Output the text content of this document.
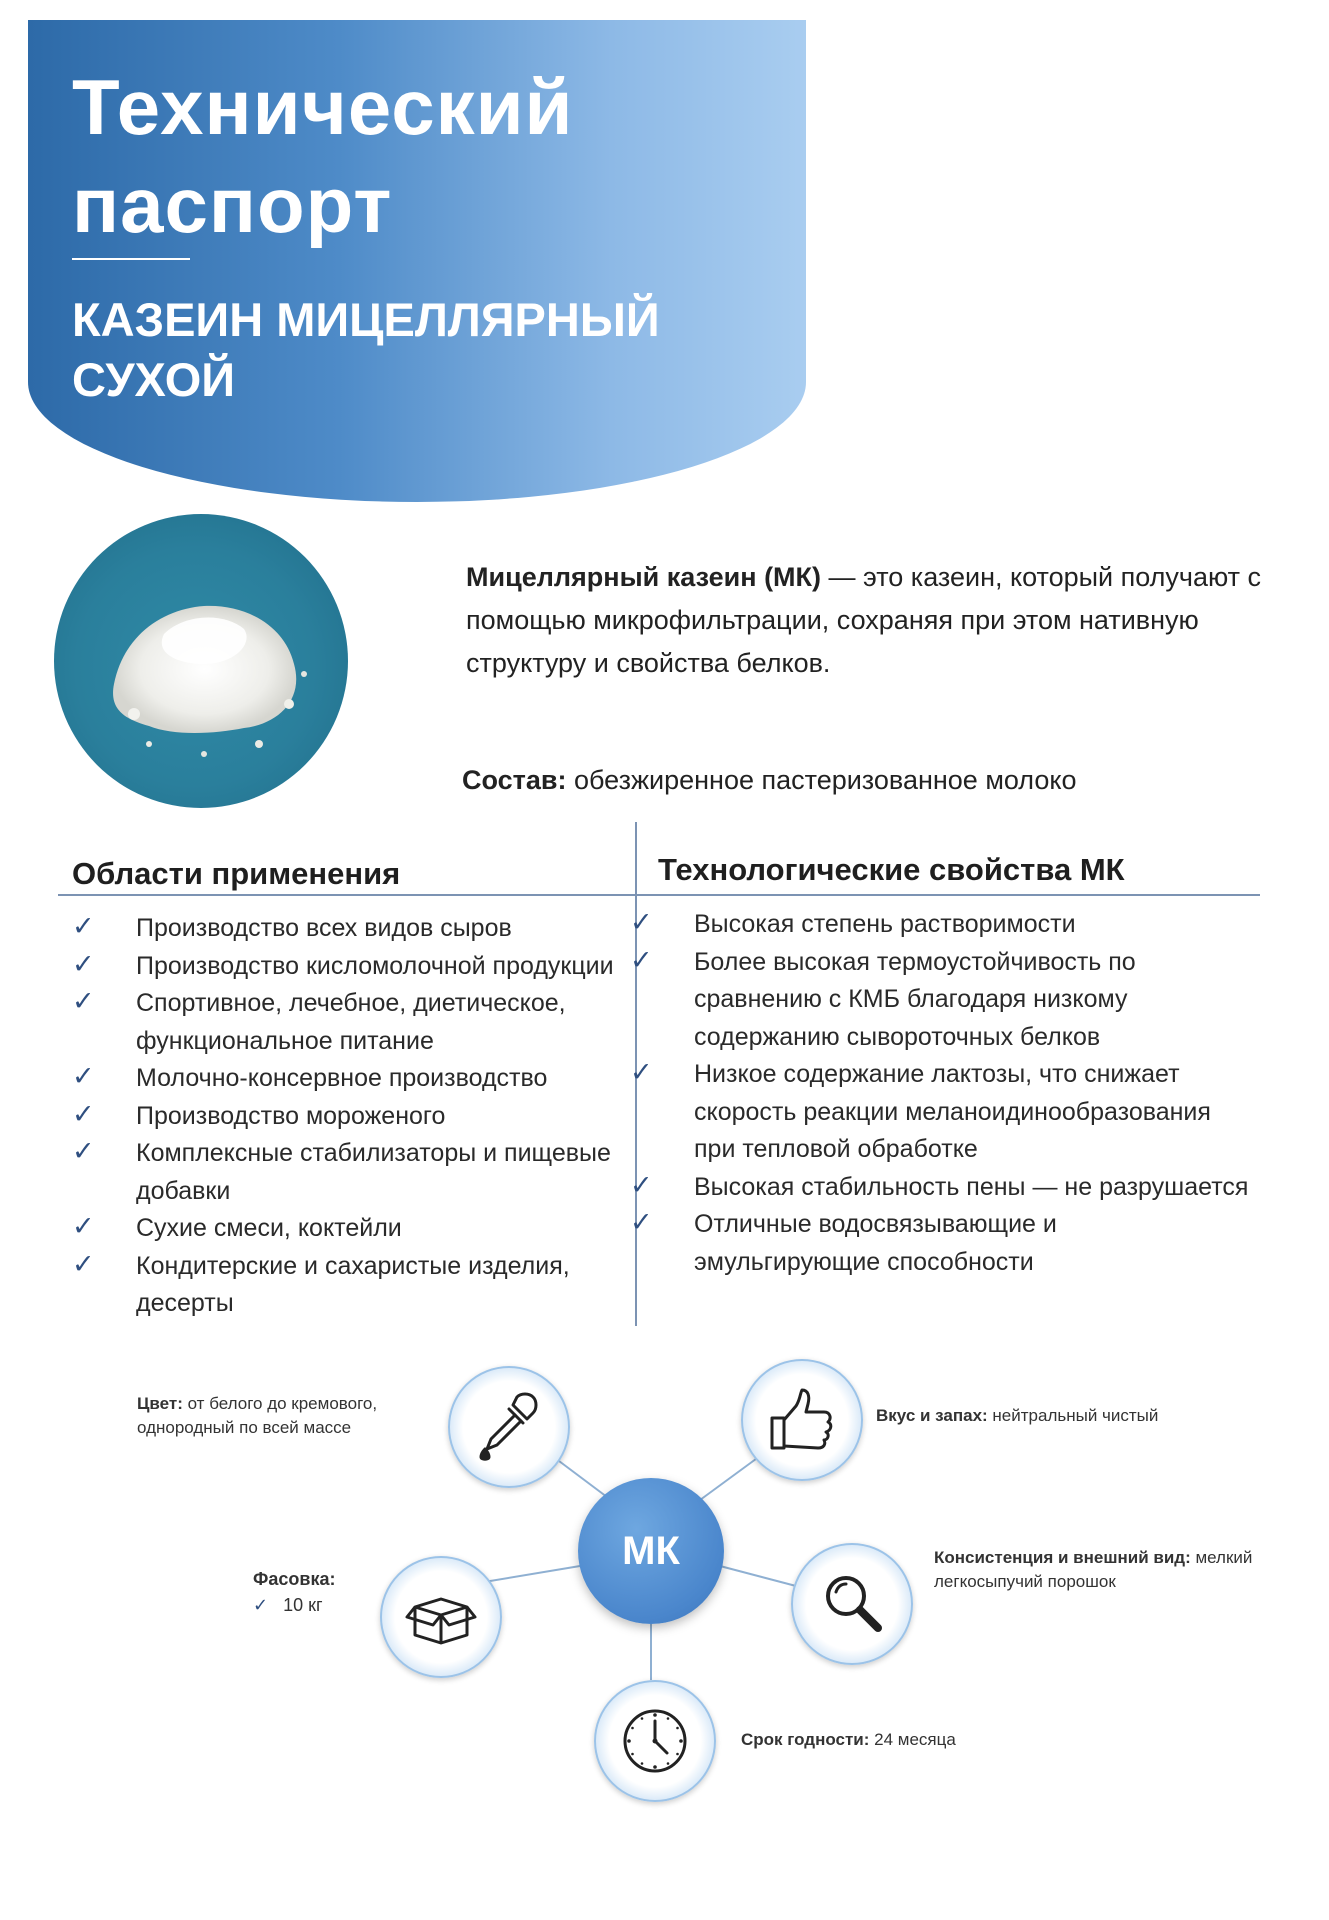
Технический
паспорт
КАЗЕИН МИЦЕЛЛЯРНЫЙ
СУХОЙ
Мицеллярный казеин (МК) — это казеин, который получают с помощью микрофильтрации, сохраняя при этом нативную структуру и свойства белков.
Состав: обезжиренное пастеризованное молоко
Области применения	Технологические свойства МК
✓ Производство всех видов сыров
✓ Производство кисломолочной продукции
✓ Спортивное, лечебное, диетическое,
функциональное питание
✓ Молочно-консервное производство
✓ Производство мороженого
✓ Комплексные стабилизаторы и пищевые
добавки
✓ Сухие смеси, коктейли
✓ Кондитерские и сахаристые изделия,
десерты
✓ Высокая степень растворимости
✓ Более высокая термоустойчивость по
сравнению с КМБ благодаря низкому
содержанию сывороточных белков
✓ Низкое содержание лактозы, что снижает
скорость реакции меланоидинообразования
при тепловой обработке
✓ Высокая стабильность пены — не разрушается
✓ Отличные водосвязывающие и
эмульгирующие способности
МК
Цвет: от белого до кремового,
однородный по всей массе
Вкус и запах: нейтральный чистый
Фасовка:
✓ 10 кг
Консистенция и внешний вид: мелкий
легкосыпучий порошок
Срок годности: 24 месяца
